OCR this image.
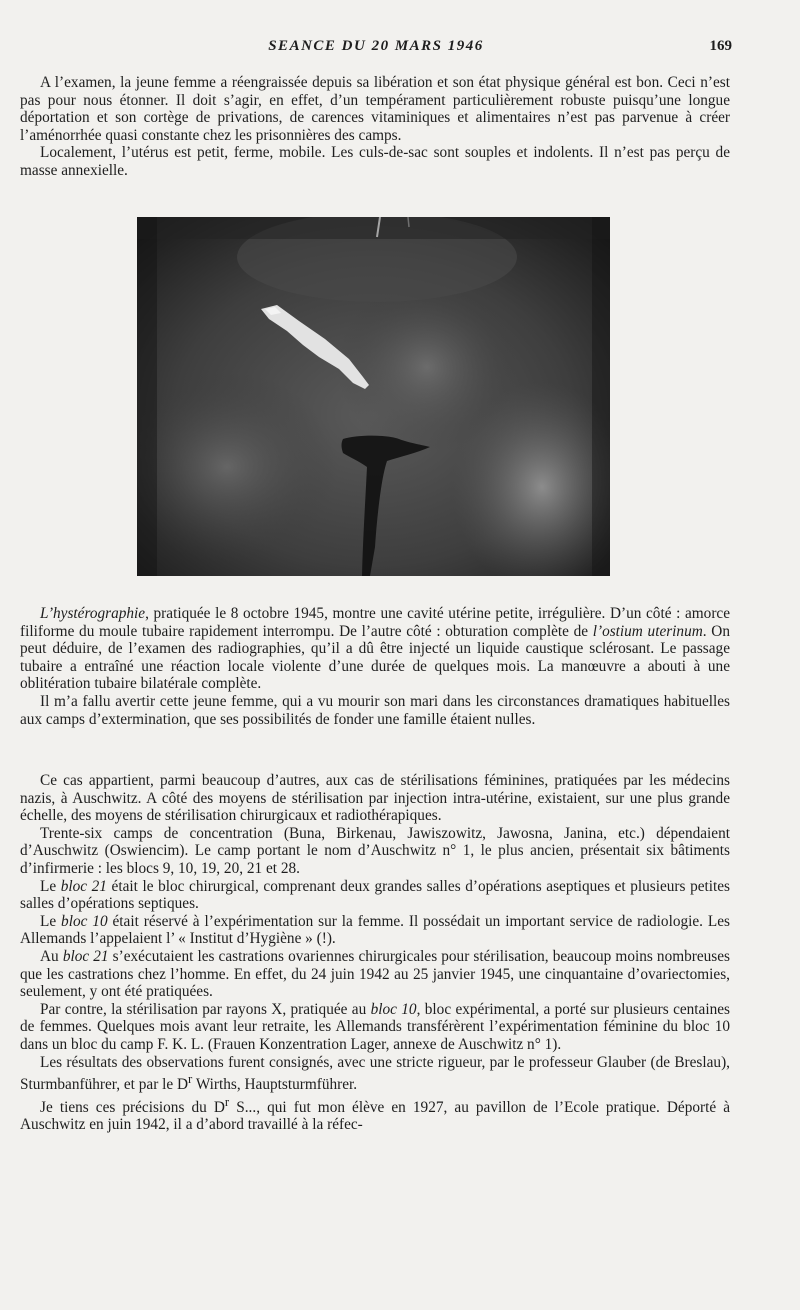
SEANCE DU 20 MARS 1946	169

A l’examen, la jeune femme a réengraissée depuis sa libération et son état physique général est bon. Ceci n’est pas pour nous étonner. Il doit s’agir, en effet, d’un tempérament particulièrement robuste puisqu’une longue déportation et son cortège de privations, de carences vitaminiques et alimentaires n’est pas parvenue à créer l’aménorrhée quasi constante chez les prisonnières des camps.

Localement, l’utérus est petit, ferme, mobile. Les culs-de-sac sont souples et indolents. Il n’est pas perçu de masse annexielle.

L’hystérographie, pratiquée le 8 octobre 1945, montre une cavité utérine petite, irrégulière. D’un côté : amorce filiforme du moule tubaire rapidement interrompu. De l’autre côté : obturation complète de l’ostium uterinum. On peut déduire, de l’examen des radiographies, qu’il a dû être injecté un liquide caustique sclérosant. Le passage tubaire a entraîné une réaction locale violente d’une durée de quelques mois. La manœuvre a abouti à une oblitération tubaire bilatérale complète.

Il m’a fallu avertir cette jeune femme, qui a vu mourir son mari dans les circonstances dramatiques habituelles aux camps d’extermination, que ses possibilités de fonder une famille étaient nulles.

Ce cas appartient, parmi beaucoup d’autres, aux cas de stérilisations féminines, pratiquées par les médecins nazis, à Auschwitz. A côté des moyens de stérilisation par injection intra-utérine, existaient, sur une plus grande échelle, des moyens de stérilisation chirurgicaux et radiothérapiques.

Trente-six camps de concentration (Buna, Birkenau, Jawiszowitz, Jawosna, Janina, etc.) dépendaient d’Auschwitz (Oswiencim). Le camp portant le nom d’Auschwitz n° 1, le plus ancien, présentait six bâtiments d’infirmerie : les blocs 9, 10, 19, 20, 21 et 28.

Le bloc 21 était le bloc chirurgical, comprenant deux grandes salles d’opérations aseptiques et plusieurs petites salles d’opérations septiques.

Le bloc 10 était réservé à l’expérimentation sur la femme. Il possédait un important service de radiologie. Les Allemands l’appelaient l’ « Institut d’Hygiène » (!).

Au bloc 21 s’exécutaient les castrations ovariennes chirurgicales pour stérilisation, beaucoup moins nombreuses que les castrations chez l’homme. En effet, du 24 juin 1942 au 25 janvier 1945, une cinquantaine d’ovariectomies, seulement, y ont été pratiquées.

Par contre, la stérilisation par rayons X, pratiquée au bloc 10, bloc expérimental, a porté sur plusieurs centaines de femmes. Quelques mois avant leur retraite, les Allemands transférèrent l’expérimentation féminine du bloc 10 dans un bloc du camp F. K. L. (Frauen Konzentration Lager, annexe de Auschwitz n° 1).

Les résultats des observations furent consignés, avec une stricte rigueur, par le professeur Glauber (de Breslau), Sturmbanführer, et par le $D^r$ Wirths, Hauptsturmführer.

Je tiens ces précisions du $D^r$ S..., qui fut mon élève en 1927, au pavillon de l’Ecole pratique. Déporté à Auschwitz en juin 1942, il a d’abord travaillé à la réfec-
